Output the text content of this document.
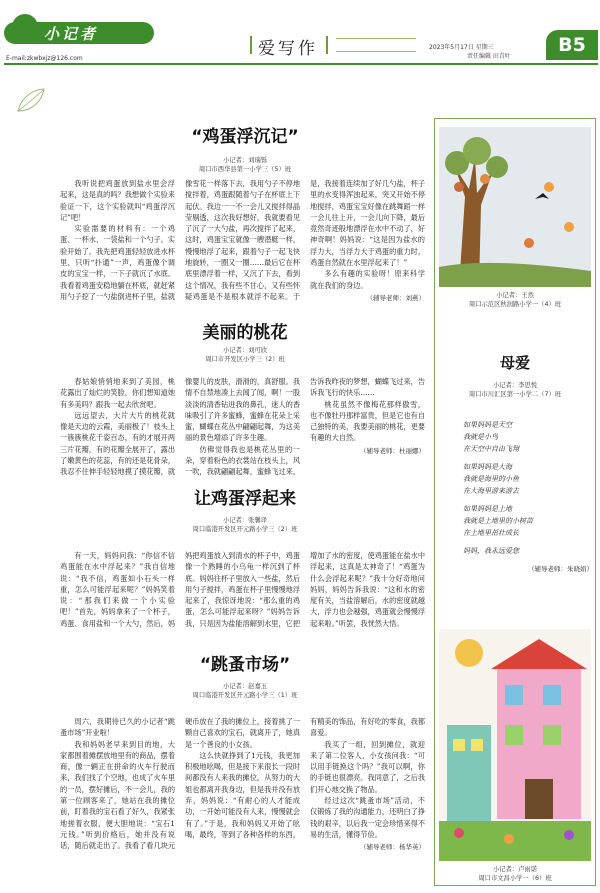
小记者
E-mail:zkwbxjz@126.com	爱写作	2023年5月17日 星期三
责任编辑 田青叶
B5
“鸡蛋浮沉记”
小记者：刘瑞铄
周口市西华县第一小学三（5）班

我听说把鸡蛋放到盐水里会浮起来，这是真的吗？我想做个实验来验证一下，这个实验就叫“鸡蛋浮沉记”吧！

实验需要的材料有：一个鸡蛋、一杯水、一袋盐和一个勺子。实验开始了。我先把鸡蛋轻轻放进水杯里，只听“扑通”一声，鸡蛋像个调皮的宝宝一样，一下子就沉了水底。我看着鸡蛋安稳地躺在杯底，就赶紧用勺子挖了一勺盐倒进杯子里，盐就像雪花一样落下去，我用勺子不停地搅拌着，鸡蛋跟随着勺子在杯底上下起伏。我边一一不一会儿又搅拌得晶莹剔透，这次我好想好，我就要看见了沉了一大勺盐，再次搅拌了起来，这时，鸡蛋宝宝就像一艘潜艇一样，慢慢地浮了起来，跟着勺子一起飞快地旋转，一圈又一圈……最后它在杯底里漂浮着一样，又沉了下去，看到这个情况，我有些不甘心，又有些怀疑鸡蛋是不是根本就浮不起来。于是，我接着连续加了好几勺盐，杯子里的水变得浑浊起来，突又开始不停地搅拌，鸡蛋宝宝好像在跳舞蹈一样一会儿往上升，一会儿向下降，最后竟然奇迹般地漂浮在水中不动了，好神奇啊！妈妈说：“这是因为盐水的浮力大，当浮力大于鸡蛋的重力时，鸡蛋自然就在水里浮起来了！”

多么有趣的实验呀！原来科学就在我们的身边。

（辅导老师：刘燕）
美丽的桃花
小记者：刘可欣
周口市开发区小学三（2）班

春姑娘悄悄地来到了美园，桃花露出了灿烂的笑脸，你们想知道她有多美吗？跟我一起去欣赏吧。

远远望去，大片大片的桃花就像是天边的云霞，美丽极了！枝头上一簇簇桃花千姿百态，有的才展开两三片花瓣，有的花瓣全展开了，露出了嫩黄色的花蕊，有的还是花骨朵，我忍不住伸手轻轻地摸了摸花瓣，就像婴儿的皮肤，滑滑的，真舒服。我情不自禁地凑上去闻了闻，啊！一股淡淡的清香钻进我的鼻孔，迷人的香味吸引了许多蜜蜂，蜜蜂在花朵上采蜜，蝴蝶在花丛中翩翩起舞，为这美丽的景色增添了许多生趣。

仿佛觉得我也是桃花丛里的一朵，穿着粉色的衣裳站在枝头上，风一吹，我就翩翩起舞，蜜蜂飞过来，告诉我昨夜的梦想，蝴蝶飞过来，告诉我飞行的快乐……

桃花虽然不像梅花那样傲雪，也不像牡丹那样富贵，但是它也有自己独特的美，我要美丽的桃花，更要有趣的大自然。

（辅导老师：杜丽娜）
让鸡蛋浮起来
小记者：张馨译
周口临港开发区开元路小学三（2）班

有一天，妈妈问我：“你信不信鸡蛋能在水中浮起来？”我自信地说：“我不信，鸡蛋如小石头一样重，怎么可能浮起来呢？”妈妈笑着说：“那我们来做一个小实验吧！”首先，妈妈拿来了一个杯子，鸡蛋、食用盐和一个大勺，然后，妈妈把鸡蛋放入到清水的杯子中，鸡蛋像一个熟睡的小乌龟一样沉到了杯底。妈妈往杯子里放入一些盐，然后用勺子搅拌，鸡蛋在杯子里慢慢地浮起来了，我惊讶地说：“那么重的鸡蛋，怎么可能浮起来呀？”妈妈告诉我，只是因为盐能溶解到水里，它把增加了水的密度，使鸡蛋能在盐水中浮起来，这真是太神奇了！“鸡蛋为什么会浮起来呢？”我十分好奇地问妈妈，妈妈告诉我说：“这和水的密度有关，当盐溶解后，水的密度就越大，浮力也会越强，鸡蛋就会慢慢浮起来啦。”听罢，我恍然大悟。

“跳蚤市场”
小记者：赵嘉玉
周口临港开发区开元路小学三（1）班

周六，我期待已久的小记者“跳蚤市场”开业啦！

我和妈妈老早来到目的地，大家都围着摊摆放地里有的商品，摆着商，像一辆正在拼命的火车行驶而来，我们找了个空地，也成了火车里的一员，摆好摊后，不一会儿，我的第一位顾客来了，她站在我的摊位前，盯着我的宝石看了好久，我紧张地搓着衣服，便大胆地说：“宝石1元钱。”听到价格后，她并没有说话，随后就走出了。我看了看几块元硬币放在了我的摊位上，接着挑了一颗自己喜欢的宝石，就离开了，她真是一个善良的小女孩。

这么快就挣到了1元钱，我更加积极地吆喝，但是接下来很长一段时间都没有人来我的摊位，从努力的大姐也都离开我身边，但是我并没有放弃，妈妈说：“有耐心的人才能成功，一开始可能没有人来，慢慢就会有了。”于是，我和妈妈又开始了吆喝，最终，等到了各种各样的东西，有精美的饰品，有好吃的零食，我都喜爱。

我买了一组，回到摊位，就迎来了第二位客人，小女孩问我：“可以用手链换这个吗？”我可以啊，你的手链也很漂亮。我同意了，之后我们开心地交换了物品。

经过这次“跳蚤市场”活动，不仅锻炼了我的沟通能力，还明白了挣钱的艰辛，以后我一定会珍惜来得不易的生活，懂得节俭。

（辅导老师：杨华英）
小记者：王然
周口示范区秋润路小学一（4）班
母爱
小记者：李思悦
周口市川汇区第一小学二（7）班
如果妈妈是天空
我就是小鸟
在天空中自由飞翔
如果妈妈是大海
我就是海里的小鱼
在大海里游来游去
如果妈妈是土地
我就是土地里的小树苗
在土地里茁壮成长
妈妈，我永远爱您
（辅导老师：朱晓娟）
小记者：卢雨诺
周口市文昌小学一（6）班
